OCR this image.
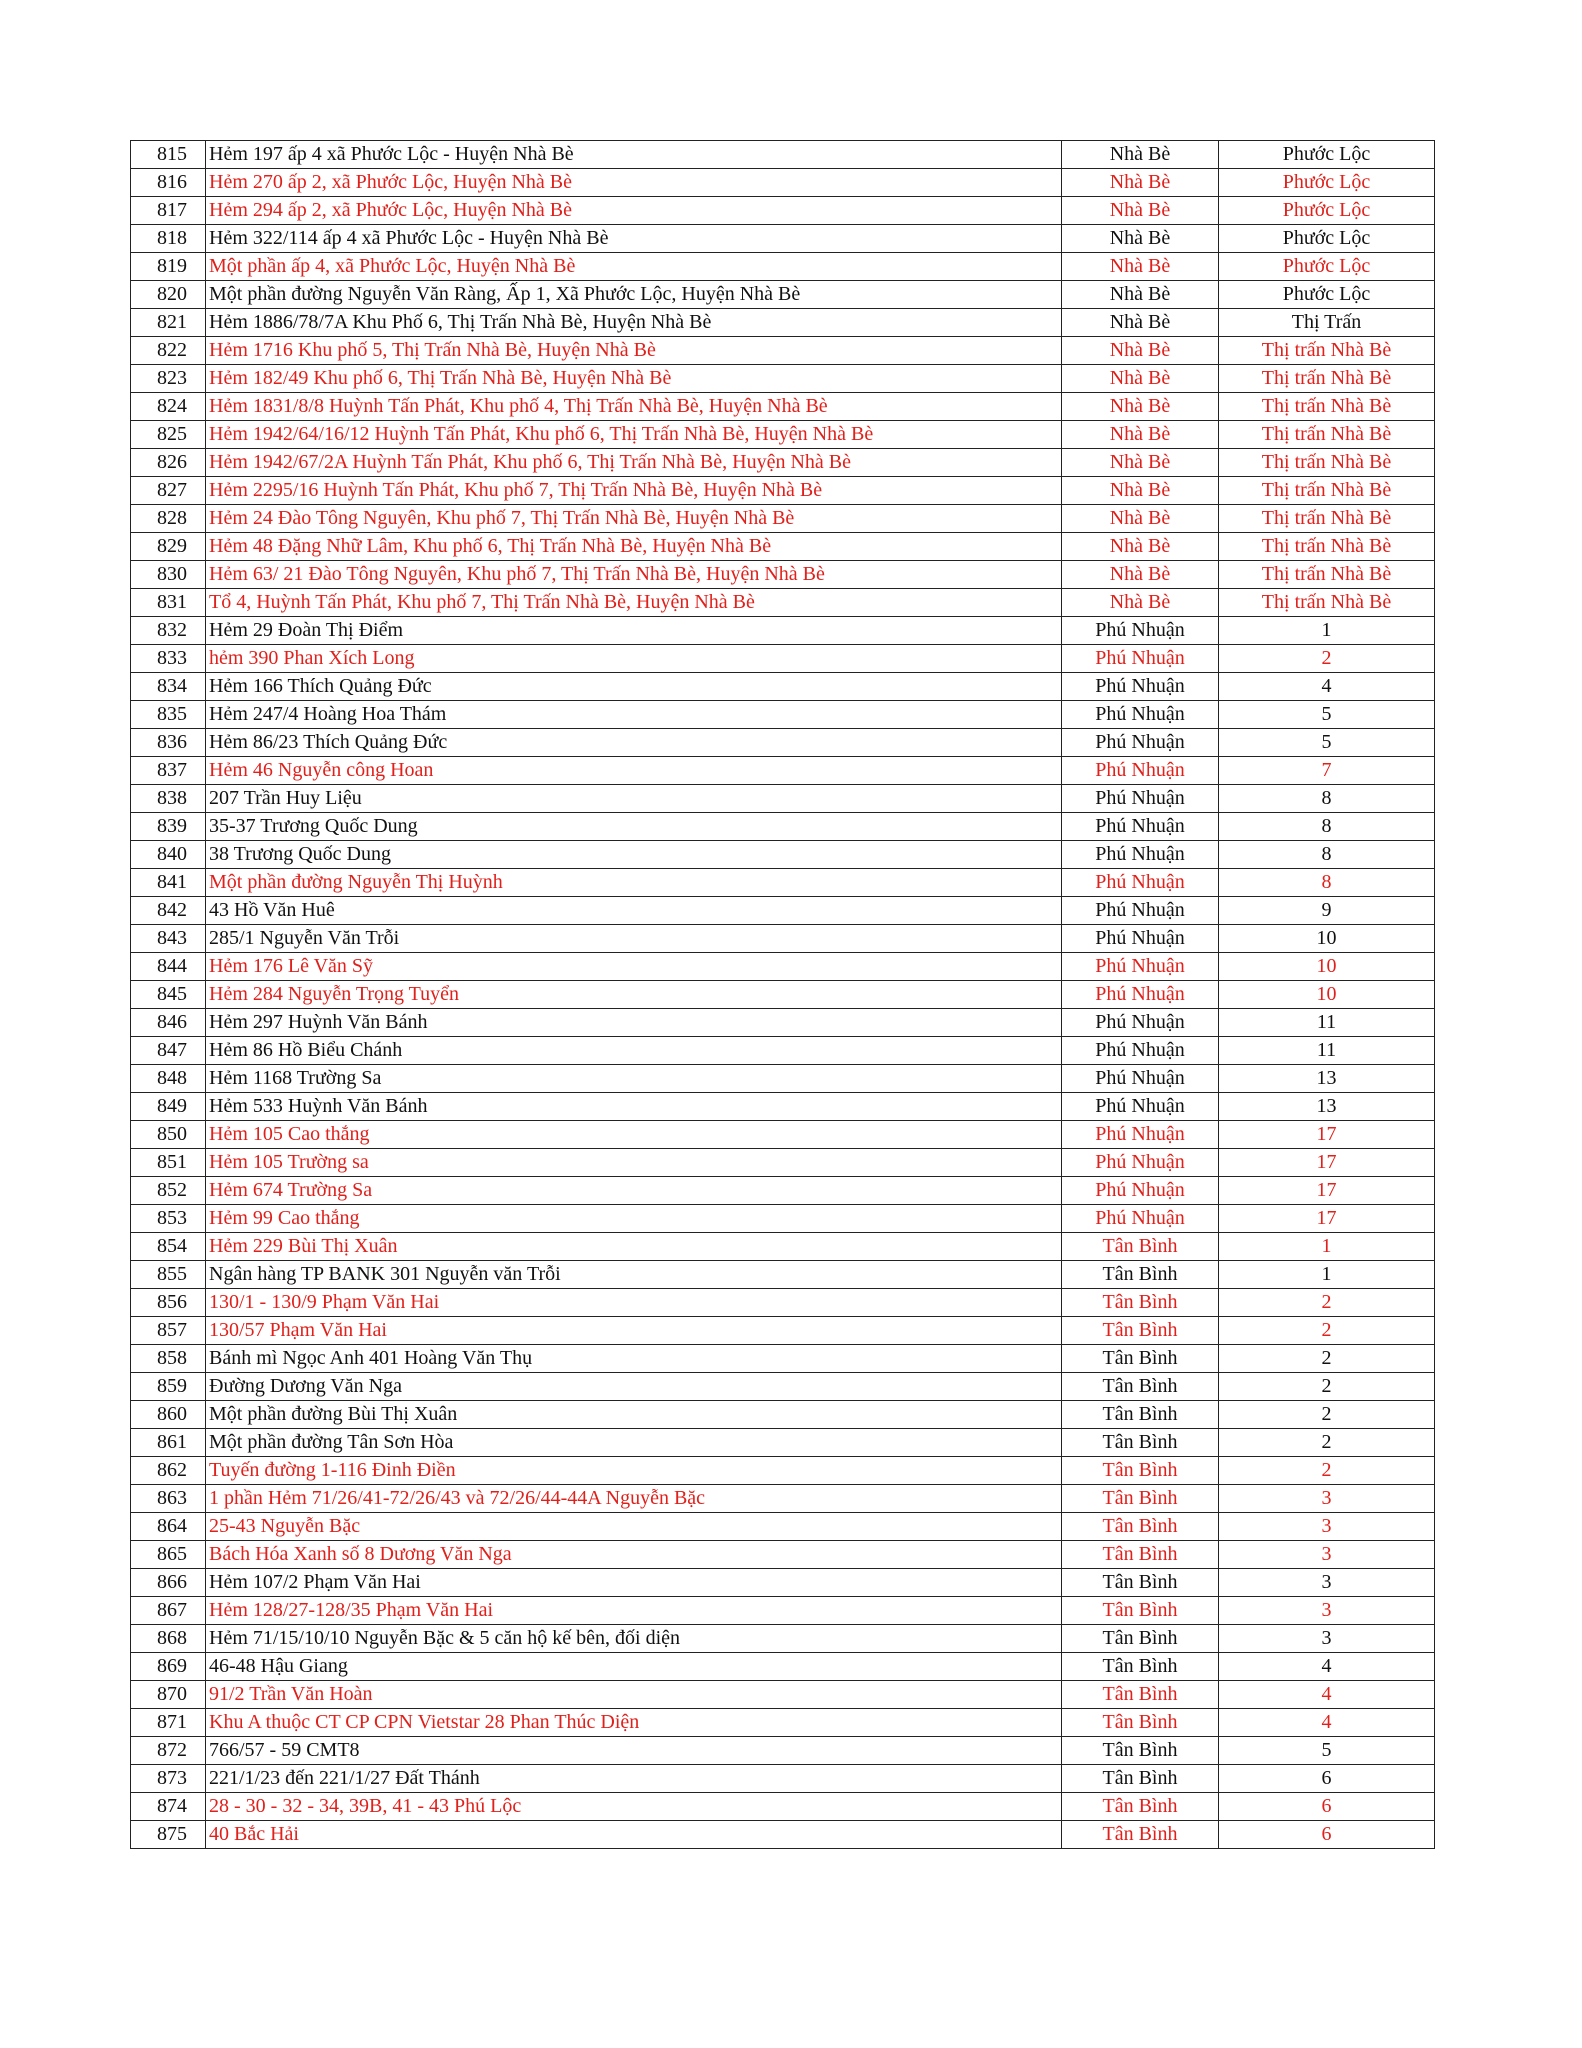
815	Hẻm 197 ấp 4 xã Phước Lộc - Huyện Nhà Bè	Nhà Bè	Phước Lộc
816	Hẻm 270 ấp 2, xã Phước Lộc, Huyện Nhà Bè	Nhà Bè	Phước Lộc
817	Hẻm 294 ấp 2, xã Phước Lộc, Huyện Nhà Bè	Nhà Bè	Phước Lộc
818	Hẻm 322/114 ấp 4 xã Phước Lộc - Huyện Nhà Bè	Nhà Bè	Phước Lộc
819	Một phần ấp 4, xã Phước Lộc, Huyện Nhà Bè	Nhà Bè	Phước Lộc
820	Một phần đường Nguyễn Văn Ràng, Ấp 1, Xã Phước Lộc, Huyện Nhà Bè	Nhà Bè	Phước Lộc
821	Hẻm 1886/78/7A Khu Phố 6, Thị Trấn Nhà Bè, Huyện Nhà Bè	Nhà Bè	Thị Trấn
822	Hẻm 1716 Khu phố 5, Thị Trấn Nhà Bè, Huyện Nhà Bè	Nhà Bè	Thị trấn Nhà Bè
823	Hẻm 182/49 Khu phố 6, Thị Trấn Nhà Bè, Huyện Nhà Bè	Nhà Bè	Thị trấn Nhà Bè
824	Hẻm 1831/8/8 Huỳnh Tấn Phát, Khu phố 4, Thị Trấn Nhà Bè, Huyện Nhà Bè	Nhà Bè	Thị trấn Nhà Bè
825	Hẻm 1942/64/16/12 Huỳnh Tấn Phát, Khu phố 6, Thị Trấn Nhà Bè, Huyện Nhà Bè	Nhà Bè	Thị trấn Nhà Bè
826	Hẻm 1942/67/2A Huỳnh Tấn Phát, Khu phố 6, Thị Trấn Nhà Bè, Huyện Nhà Bè	Nhà Bè	Thị trấn Nhà Bè
827	Hẻm 2295/16 Huỳnh Tấn Phát, Khu phố 7, Thị Trấn Nhà Bè, Huyện Nhà Bè	Nhà Bè	Thị trấn Nhà Bè
828	Hẻm 24 Đào Tông Nguyên, Khu phố 7, Thị Trấn Nhà Bè, Huyện Nhà Bè	Nhà Bè	Thị trấn Nhà Bè
829	Hẻm 48 Đặng Nhữ Lâm, Khu phố 6, Thị Trấn Nhà Bè, Huyện Nhà Bè	Nhà Bè	Thị trấn Nhà Bè
830	Hẻm 63/ 21 Đào Tông Nguyên, Khu phố 7, Thị Trấn Nhà Bè, Huyện Nhà Bè	Nhà Bè	Thị trấn Nhà Bè
831	Tổ 4, Huỳnh Tấn Phát, Khu phố 7, Thị Trấn Nhà Bè, Huyện Nhà Bè	Nhà Bè	Thị trấn Nhà Bè
832	Hẻm 29 Đoàn Thị Điểm	Phú Nhuận	1
833	hẻm 390 Phan Xích Long	Phú Nhuận	2
834	Hẻm 166 Thích Quảng Đức	Phú Nhuận	4
835	Hẻm 247/4 Hoàng Hoa Thám	Phú Nhuận	5
836	Hẻm 86/23 Thích Quảng Đức	Phú Nhuận	5
837	Hẻm 46 Nguyễn công Hoan	Phú Nhuận	7
838	207 Trần Huy Liệu	Phú Nhuận	8
839	35-37 Trương Quốc Dung	Phú Nhuận	8
840	38 Trương Quốc Dung	Phú Nhuận	8
841	Một phần đường Nguyễn Thị Huỳnh	Phú Nhuận	8
842	43 Hồ Văn Huê	Phú Nhuận	9
843	285/1 Nguyễn Văn Trỗi	Phú Nhuận	10
844	Hẻm 176 Lê Văn Sỹ	Phú Nhuận	10
845	Hẻm 284 Nguyễn Trọng Tuyển	Phú Nhuận	10
846	Hẻm 297 Huỳnh Văn Bánh	Phú Nhuận	11
847	Hẻm 86 Hồ Biểu Chánh	Phú Nhuận	11
848	Hẻm 1168 Trường Sa	Phú Nhuận	13
849	Hẻm 533 Huỳnh Văn Bánh	Phú Nhuận	13
850	Hẻm 105 Cao thắng	Phú Nhuận	17
851	Hẻm 105 Trường sa	Phú Nhuận	17
852	Hẻm 674 Trường Sa	Phú Nhuận	17
853	Hẻm 99 Cao thắng	Phú Nhuận	17
854	Hẻm 229 Bùi Thị Xuân	Tân Bình	1
855	Ngân hàng TP BANK 301 Nguyễn văn Trỗi	Tân Bình	1
856	130/1 - 130/9 Phạm Văn Hai	Tân Bình	2
857	130/57 Phạm Văn Hai	Tân Bình	2
858	Bánh mì Ngọc Anh 401 Hoàng Văn Thụ	Tân Bình	2
859	Đường Dương Văn Nga	Tân Bình	2
860	Một phần đường Bùi Thị Xuân	Tân Bình	2
861	Một phần đường Tân Sơn Hòa	Tân Bình	2
862	Tuyến đường 1-116 Đinh Điền	Tân Bình	2
863	1 phần Hẻm 71/26/41-72/26/43 và 72/26/44-44A Nguyễn Bặc	Tân Bình	3
864	25-43 Nguyễn Bặc	Tân Bình	3
865	Bách Hóa Xanh số 8 Dương Văn Nga	Tân Bình	3
866	Hẻm 107/2 Phạm Văn Hai	Tân Bình	3
867	Hẻm 128/27-128/35 Phạm Văn Hai	Tân Bình	3
868	Hẻm 71/15/10/10 Nguyễn Bặc & 5 căn hộ kế bên, đối diện	Tân Bình	3
869	46-48 Hậu Giang	Tân Bình	4
870	91/2 Trần Văn Hoàn	Tân Bình	4
871	Khu A thuộc CT CP CPN Vietstar 28 Phan Thúc Diện	Tân Bình	4
872	766/57 - 59 CMT8	Tân Bình	5
873	221/1/23 đến 221/1/27 Đất Thánh	Tân Bình	6
874	28 - 30 - 32 - 34, 39B, 41 - 43 Phú Lộc	Tân Bình	6
875	40 Bắc Hải	Tân Bình	6
